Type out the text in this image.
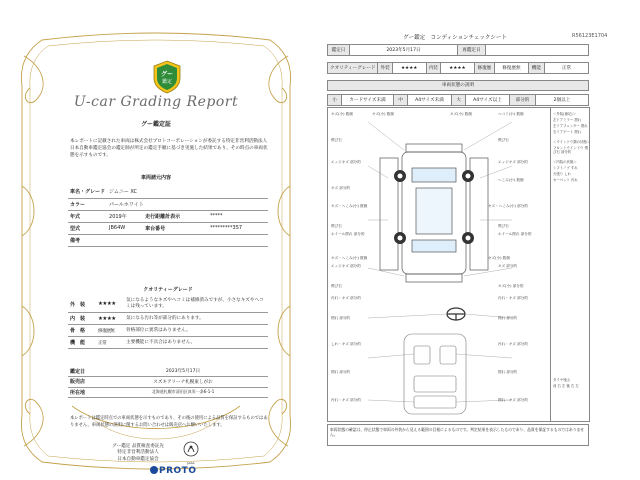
グー
鑑定
U-car Grading Report
グー鑑定証
本レポートに記載された車両は株式会社プロトコーポレーションが委託する特定非営利活動法人日本自動車鑑定協会の鑑定師が所定の鑑定手順に基づき実施した結果であり、その時点の車両状態を示すものです。
車両諸元内容
車名・グレード	ジムニー XC		
カラー	パールホワイト		
年式	2019年	走行距離計表示	*****
型式	JB64W	車台番号	*********357
備考			
クオリティーグレード
外　装	★★★★	気になるようなキズやヘコミは補修済みですが、小さなキズやヘコミは残っています。
内　装	★★★★	気になる汚れ等が部分的にあります。
骨　格	修復歴無	骨格部位に異常はありません。
機　能	正常	主要機能に不具合はありません。
鑑定日	2023年5月17日
販売店	スズキアリーナ札幌東しがお
所在地	北海道札幌市清田区真栄一条6-1-1
本レポートは鑑定時点での車両状態を示すものであり、その後の使用による品質を保証するものではありません。車両状態の説明に関するお問い合わせは販売店へお願いいたします。
グー鑑定 品質検査委託先
特定非営利活動法人
日本自動車鑑定協会
JAAA
PROTO
グー鑑定　コンディションチェックシート	R56123E1704
鑑定日	2023年5月17日	再鑑定日	
クオリティーグレード	外装	★★★★	内装	★★★★	修復歴	修復歴無	機能	正常
車両状態の説明
小	カードサイズ未満	中	A4サイズ未満	大	A4サイズ以上	部分的	2個以上
キズ(小) 数個	キズ(小) 数個	キズ(小) 数個	ヘコミ(小) 数個
飛び石	飛び石
エッジキズ 部分的	エッジキズ 部分的
へこみ(小) 数個
キズ 部分的
キズ・へこみ(小) 数個	キズ・へこみ(小) 部分的
飛び石	飛び石
ホイール擦れ 部分的	ホイール擦れ 部分的
キズ・へこみ(小) 数個	キズ(小) 数個
エッジキズ 部分的	キズ 部分的
飛び石	キズ(小) 部分的
汚れ・キズ 部分的	汚れ・キズ 部分的
擦れ 部分的	擦れ 部分的
しわ・キズ 部分的	汚れ・キズ 部分的
擦れ 部分的	擦れ 部分的
汚れ・キズ 部分的	擦れ・キズ 部分的
＜外装(補足)＞
左ドアミラー 擦れ
左リアフェンダー 擦れ
右リアゲート 擦れ
＜ウインドウ類の状態＞
フロントウインドウ 飛び石 部分的
＜内装の状態＞
シフトノブ すれ
天張り しわ
カーペット 汚れ
タイヤ残山
前 右 左 後 右 左
車両状態の確認は、停止状態で車両の外装から見える範囲の目視によるものです。判定結果を表示したものであり、品質を保証するものではありません。
